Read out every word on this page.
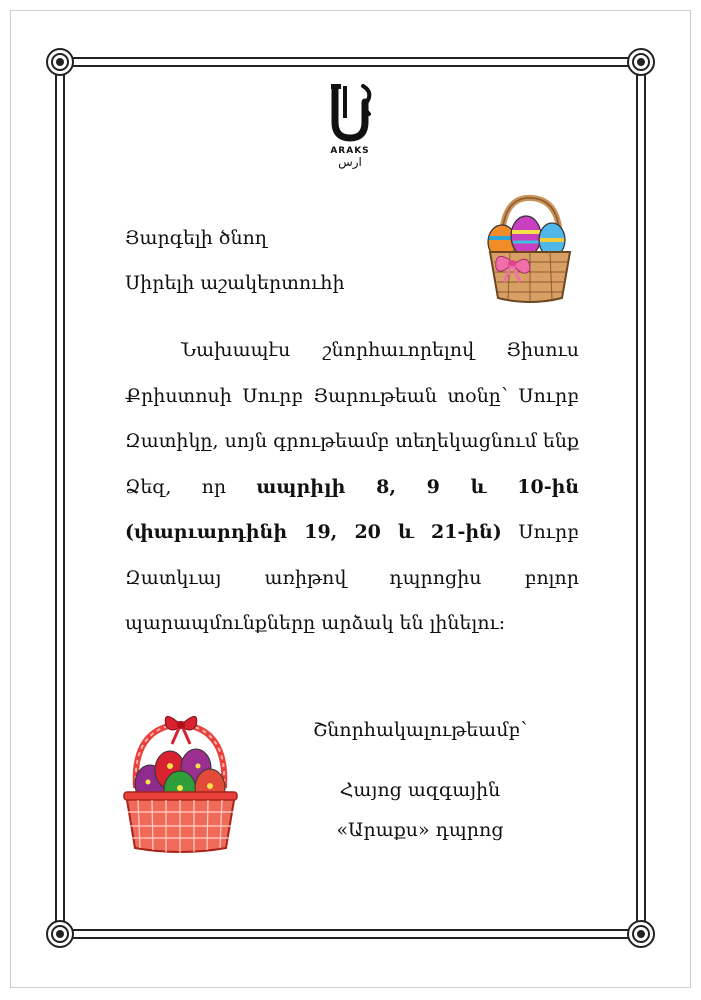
ARAKS
ارس
Յարգելի ծնող
Սիրելի աշակերտուհի

Նախապէս շնորհաւորելով Յիսուս Քրիստոսի Սուրբ Յարութեան տօնը՝ Սուրբ Զատիկը, սոյն գրութեամբ տեղեկացնում ենք Ձեզ, որ ապրիլի 8, 9 և 10-ին (փարւարդինի 19, 20 և 21-ին) Սուրբ Զատկւայ առիթով դպրոցիս բոլոր պարապմունքները արձակ են լինելու:

Շնորհակալութեամբ՝
Հայոց ազգային
«Արաքս» դպրոց
